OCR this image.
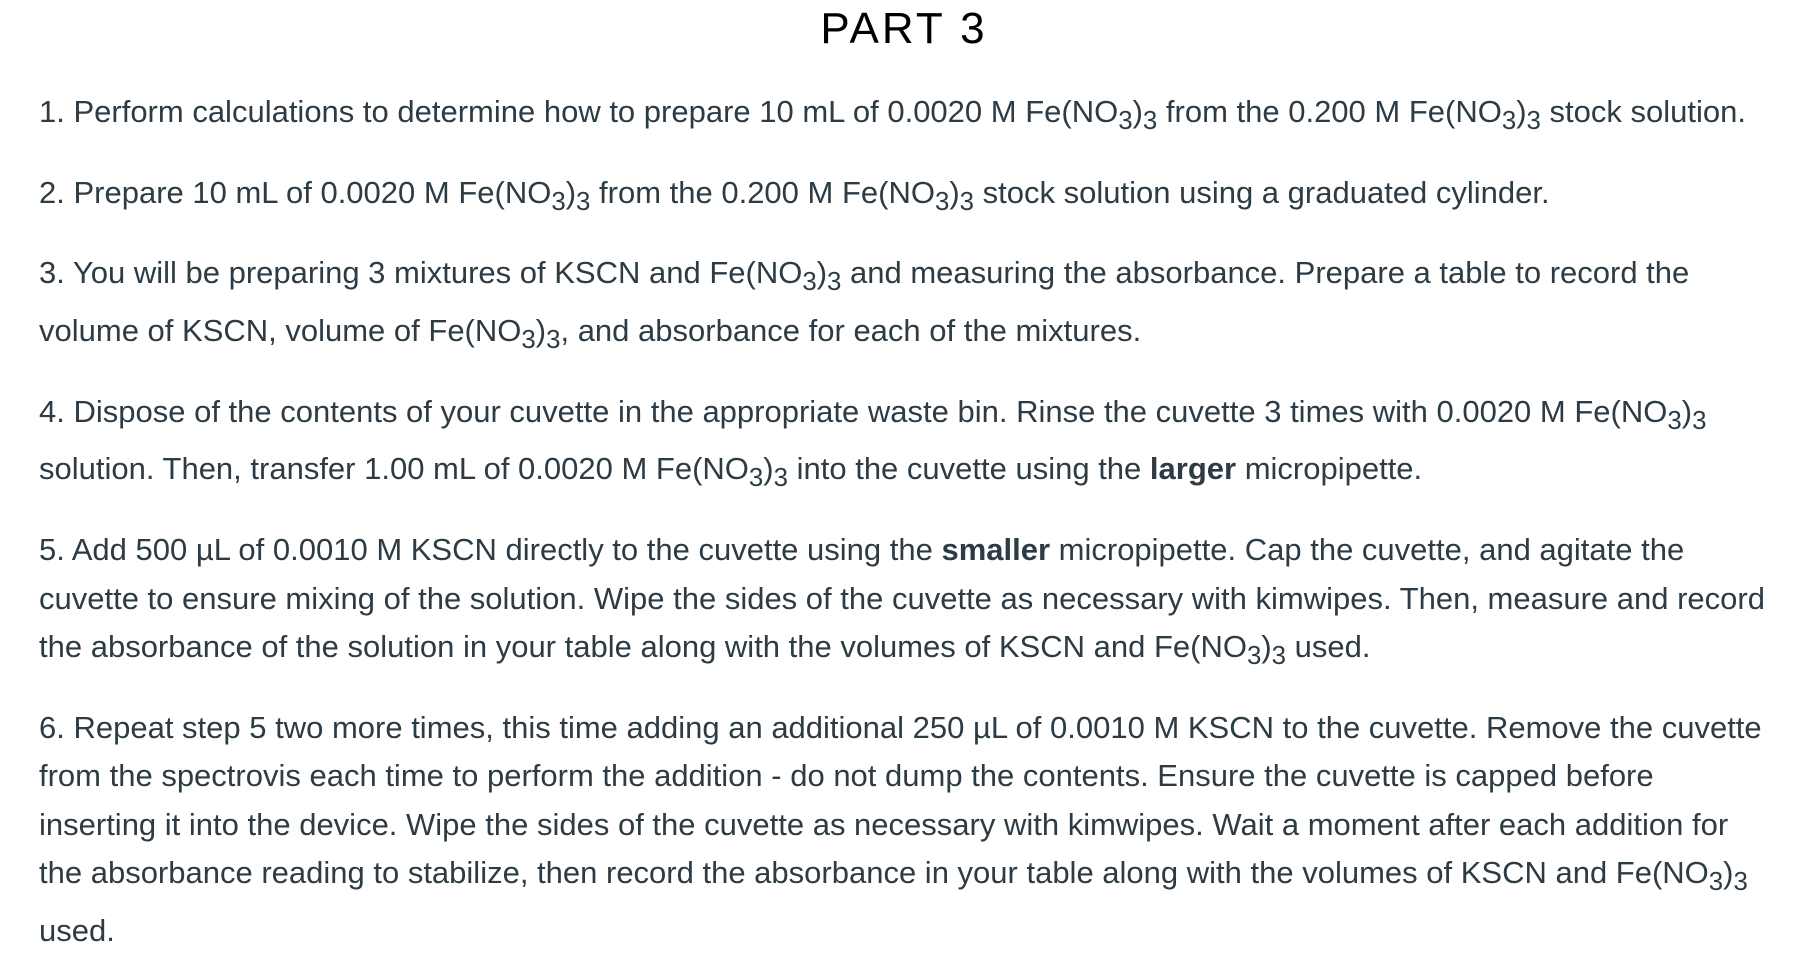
PART 3

1. Perform calculations to determine how to prepare 10 mL of 0.0020 M $Fe(NO_3)_3$ from the 0.200 M $Fe(NO_3)_3$ stock solution.

2. Prepare 10 mL of 0.0020 M $Fe(NO_3)_3$ from the 0.200 M $Fe(NO_3)_3$ stock solution using a graduated cylinder.

3. You will be preparing 3 mixtures of KSCN and $Fe(NO_3)_3$ and measuring the absorbance. Prepare a table to record the volume of KSCN, volume of $Fe(NO_3)_3$, and absorbance for each of the mixtures.

4. Dispose of the contents of your cuvette in the appropriate waste bin. Rinse the cuvette 3 times with 0.0020 M $Fe(NO_3)_3$ solution. Then, transfer 1.00 mL of 0.0020 M $Fe(NO_3)_3$ into the cuvette using the larger micropipette.

5. Add 500 µL of 0.0010 M KSCN directly to the cuvette using the smaller micropipette. Cap the cuvette, and agitate the cuvette to ensure mixing of the solution. Wipe the sides of the cuvette as necessary with kimwipes. Then, measure and record the absorbance of the solution in your table along with the volumes of KSCN and $Fe(NO_3)_3$ used.

6. Repeat step 5 two more times, this time adding an additional 250 µL of 0.0010 M KSCN to the cuvette. Remove the cuvette from the spectrovis each time to perform the addition - do not dump the contents. Ensure the cuvette is capped before inserting it into the device. Wipe the sides of the cuvette as necessary with kimwipes. Wait a moment after each addition for the absorbance reading to stabilize, then record the absorbance in your table along with the volumes of KSCN and $Fe(NO_3)_3$ used.
